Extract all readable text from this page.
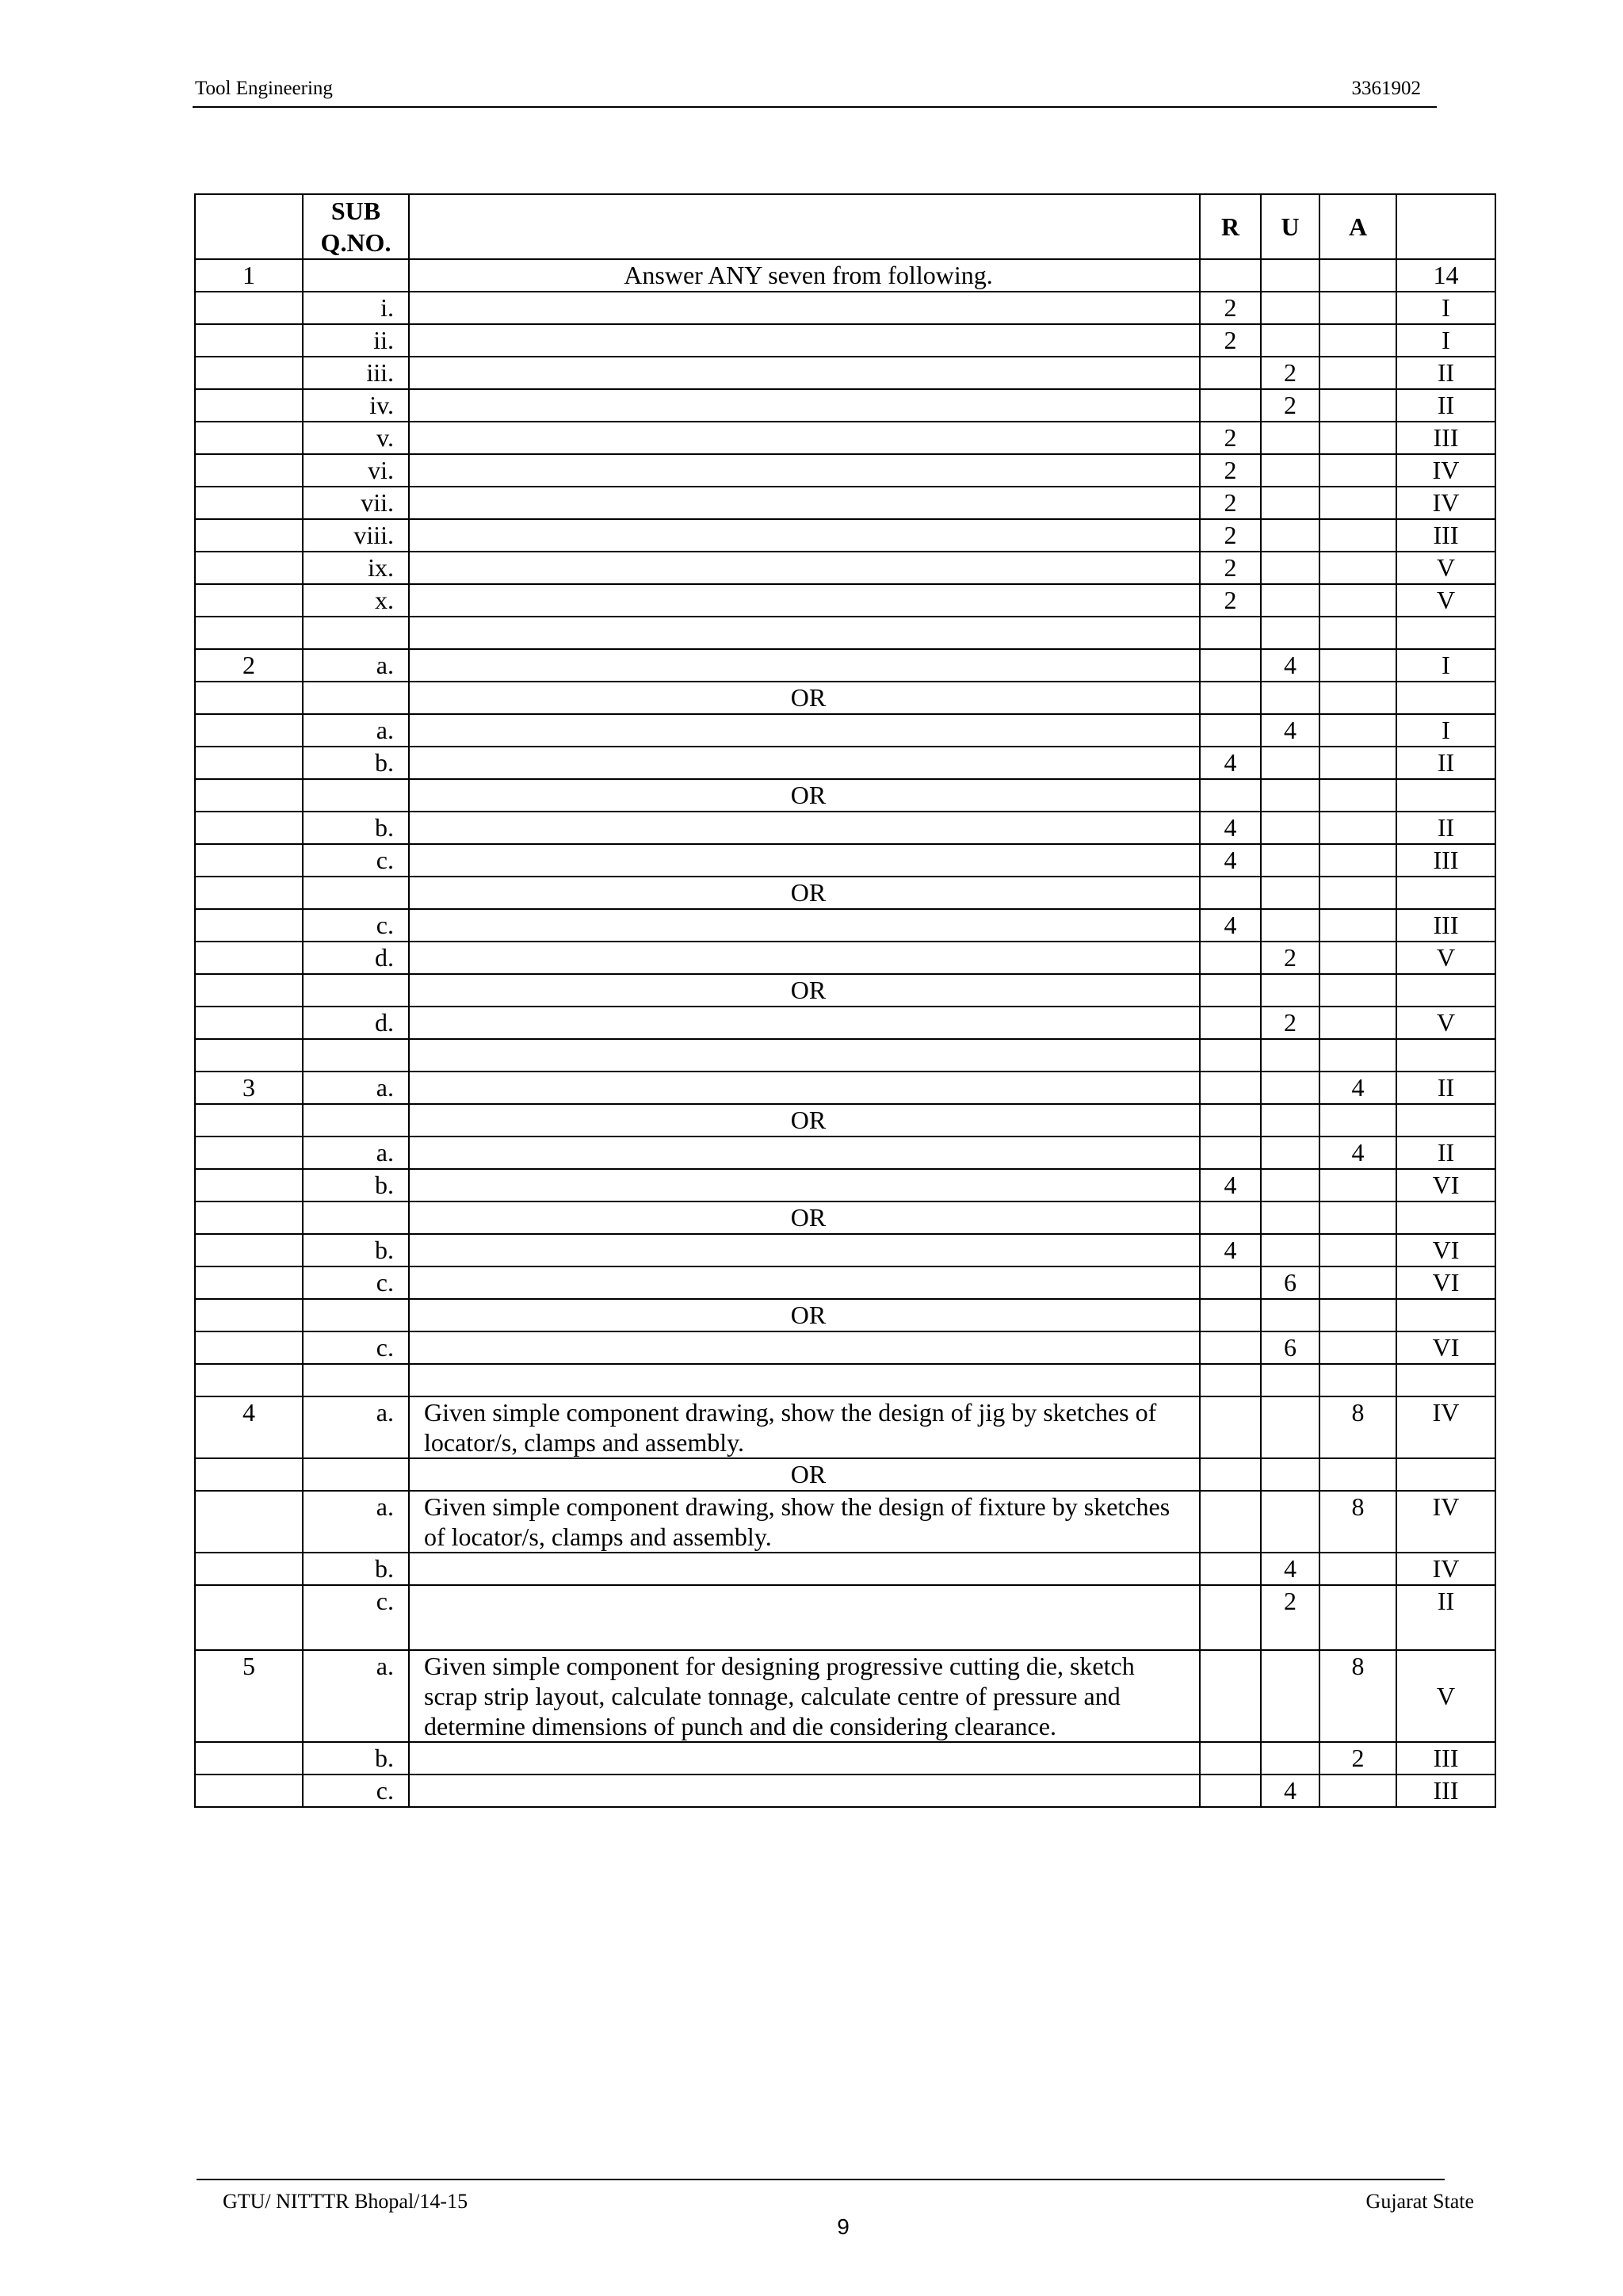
Tool Engineering	3361902
	SUB Q.NO.		R	U	A	
1		Answer ANY seven from following.				14
	i.		2			I
	ii.		2			I
	iii.			2		II
	iv.			2		II
	v.		2			III
	vi.		2			IV
	vii.		2			IV
	viii.		2			III
	ix.		2			V
	x.		2			V

2	a.			4		I
		OR				
	a.			4		I
	b.		4			II
		OR				
	b.		4			II
	c.		4			III
		OR				
	c.		4			III
	d.			2		V
		OR				
	d.			2		V

3	a.				4	II
		OR				
	a.				4	II
	b.		4			VI
		OR				
	b.		4			VI
	c.			6		VI
		OR				
	c.			6		VI

4	a.	Given simple component drawing, show the design of jig by sketches of locator/s, clamps and assembly.			8	IV
		OR				
	a.	Given simple component drawing, show the design of fixture by sketches of locator/s, clamps and assembly.			8	IV
	b.			4		IV
	c.			2		II
5	a.	Given simple component for designing progressive cutting die, sketch scrap strip layout, calculate tonnage, calculate centre of pressure and determine dimensions of punch and die considering clearance.			8	V
	b.				2	III
	c.			4		III
GTU/ NITTTR Bhopal/14-15	Gujarat State
9
